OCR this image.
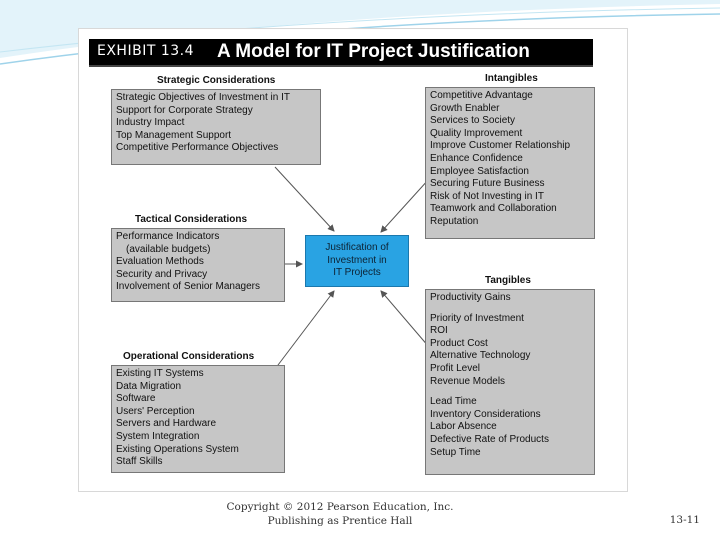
EXHIBIT 13.4 A Model for IT Project Justification
Strategic Considerations
Strategic Objectives of Investment in IT
Support for Corporate Strategy
Industry Impact
Top Management Support
Competitive Performance Objectives
Tactical Considerations
Performance Indicators
(available budgets)
Evaluation Methods
Security and Privacy
Involvement of Senior Managers
Operational Considerations
Existing IT Systems
Data Migration
Software
Users' Perception
Servers and Hardware
System Integration
Existing Operations System
Staff Skills
Justification of
Investment in
IT Projects
Intangibles
Competitive Advantage
Growth Enabler
Services to Society
Quality Improvement
Improve Customer Relationship
Enhance Confidence
Employee Satisfaction
Securing Future Business
Risk of Not Investing in IT
Teamwork and Collaboration
Reputation
Tangibles
Productivity Gains
Priority of Investment
ROI
Product Cost
Alternative Technology
Profit Level
Revenue Models
Lead Time
Inventory Considerations
Labor Absence
Defective Rate of Products
Setup Time
Copyright © 2012 Pearson Education, Inc.
Publishing as Prentice Hall	13-11
